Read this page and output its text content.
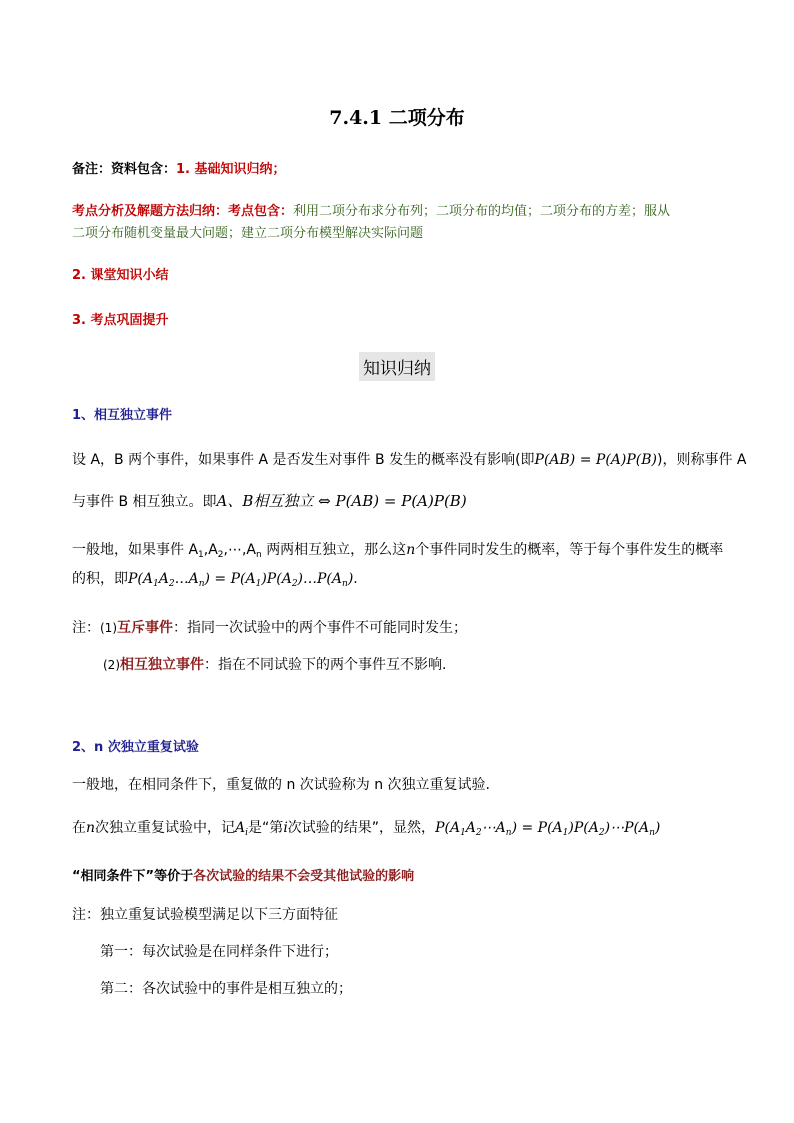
7.4.1 二项分布
备注：资料包含：1. 基础知识归纳；
考点分析及解题方法归纳：考点包含：利用二项分布求分布列；二项分布的均值；二项分布的方差；服从
二项分布随机变量最大问题；建立二项分布模型解决实际问题
2. 课堂知识小结
3. 考点巩固提升
知识归纳
1、相互独立事件
设 A，B 两个事件，如果事件 A 是否发生对事件 B 发生的概率没有影响(即P(AB) = P(A)P(B))，则称事件 A
与事件 B 相互独立。即A、B相互独立 ⇔ P(AB) = P(A)P(B)
一般地，如果事件 $A_1,A_2,\cdots,A_n$ 两两相互独立，那么这n个事件同时发生的概率，等于每个事件发生的概率
的积，即$P(A_1A_2\dots A_n)$ = $P(A_1)P(A_2)\dots P(A_n)$.
注：(1)互斥事件：指同一次试验中的两个事件不可能同时发生；
(2)相互独立事件：指在不同试验下的两个事件互不影响.
2、n 次独立重复试验
一般地，在相同条件下，重复做的 n 次试验称为 n 次独立重复试验.
在n次独立重复试验中，记$A_i$是“第i次试验的结果”，显然，$P(A_1A_2\cdots A_n)$ = $P(A_1)P(A_2)\cdots P(A_n)$
“相同条件下”等价于各次试验的结果不会受其他试验的影响
注：独立重复试验模型满足以下三方面特征
第一：每次试验是在同样条件下进行；
第二：各次试验中的事件是相互独立的；
